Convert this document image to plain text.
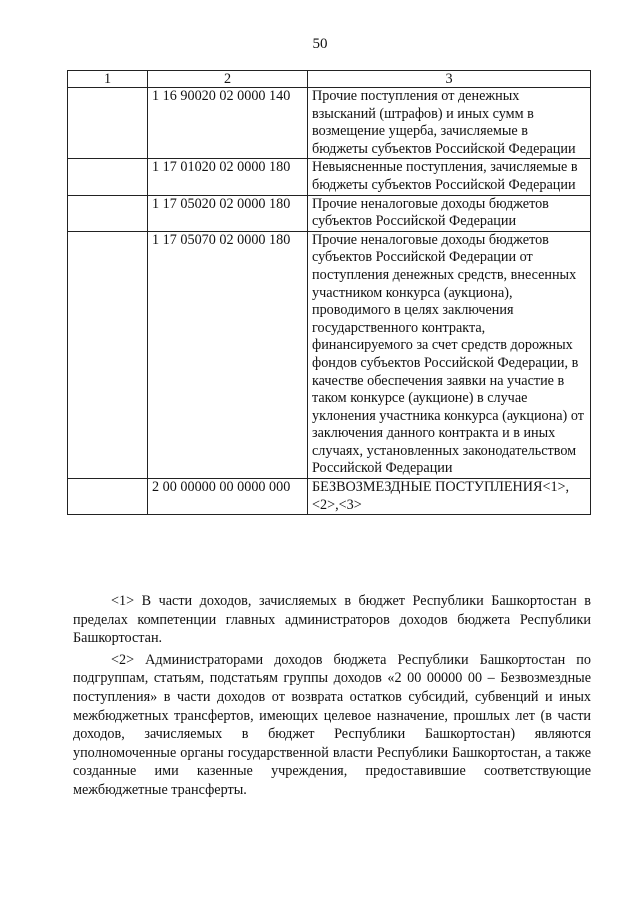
50
1	2	3
	1 16 90020 02 0000 140	Прочие поступления от денежных взысканий (штрафов) и иных сумм в возмещение ущерба, зачисляемые в бюджеты субъектов Российской Федерации
	1 17 01020 02 0000 180	Невыясненные поступления, зачисляемые в бюджеты субъектов Российской Федерации
	1 17 05020 02 0000 180	Прочие неналоговые доходы бюджетов субъектов Российской Федерации
	1 17 05070 02 0000 180	Прочие неналоговые доходы бюджетов субъектов Российской Федерации от поступления денежных средств, внесенных участником конкурса (аукциона), проводимого в целях заключения государственного контракта, финансируемого за счет средств дорожных фондов субъектов Российской Федерации, в качестве обеспечения заявки на участие в таком конкурсе (аукционе) в случае уклонения участника конкурса (аукциона) от заключения данного контракта и в иных случаях, установленных законодательством Российской Федерации
	2 00 00000 00 0000 000	БЕЗВОЗМЕЗДНЫЕ ПОСТУПЛЕНИЯ<1>,<2>,<3>

<1> В части доходов, зачисляемых в бюджет Республики Башкортостан в пределах компетенции главных администраторов доходов бюджета Республики Башкортостан.

<2> Администраторами доходов бюджета Республики Башкортостан по подгруппам, статьям, подстатьям группы доходов «2 00 00000 00 – Безвозмездные поступления» в части доходов от возврата остатков субсидий, субвенций и иных межбюджетных трансфертов, имеющих целевое назначение, прошлых лет (в части доходов, зачисляемых в бюджет Республики Башкортостан) являются уполномоченные органы государственной власти Республики Башкортостан, а также созданные ими казенные учреждения, предоставившие соответствующие межбюджетные трансферты.
